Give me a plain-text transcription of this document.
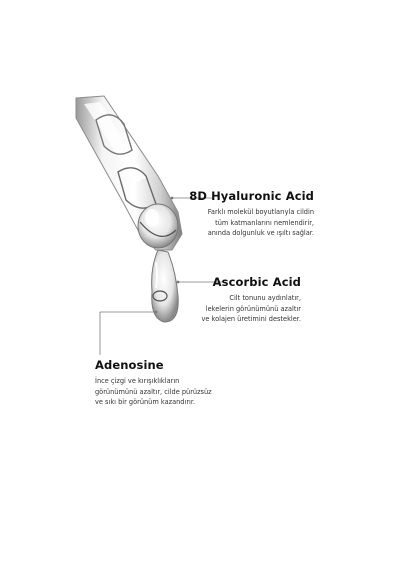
8D Hyaluronic Acid
Farklı molekül boyutlarıyla cildin
tüm katmanlarını nemlendirir,
anında dolgunluk ve ışıltı sağlar.
Ascorbic Acid
Cilt tonunu aydınlatır,
lekelerin görünümünü azaltır
ve kolajen üretimini destekler.
Adenosine
İnce çizgi ve kırışıklıkların
görünümünü azaltır, cilde pürüzsüz
ve sıkı bir görünüm kazandırır.
